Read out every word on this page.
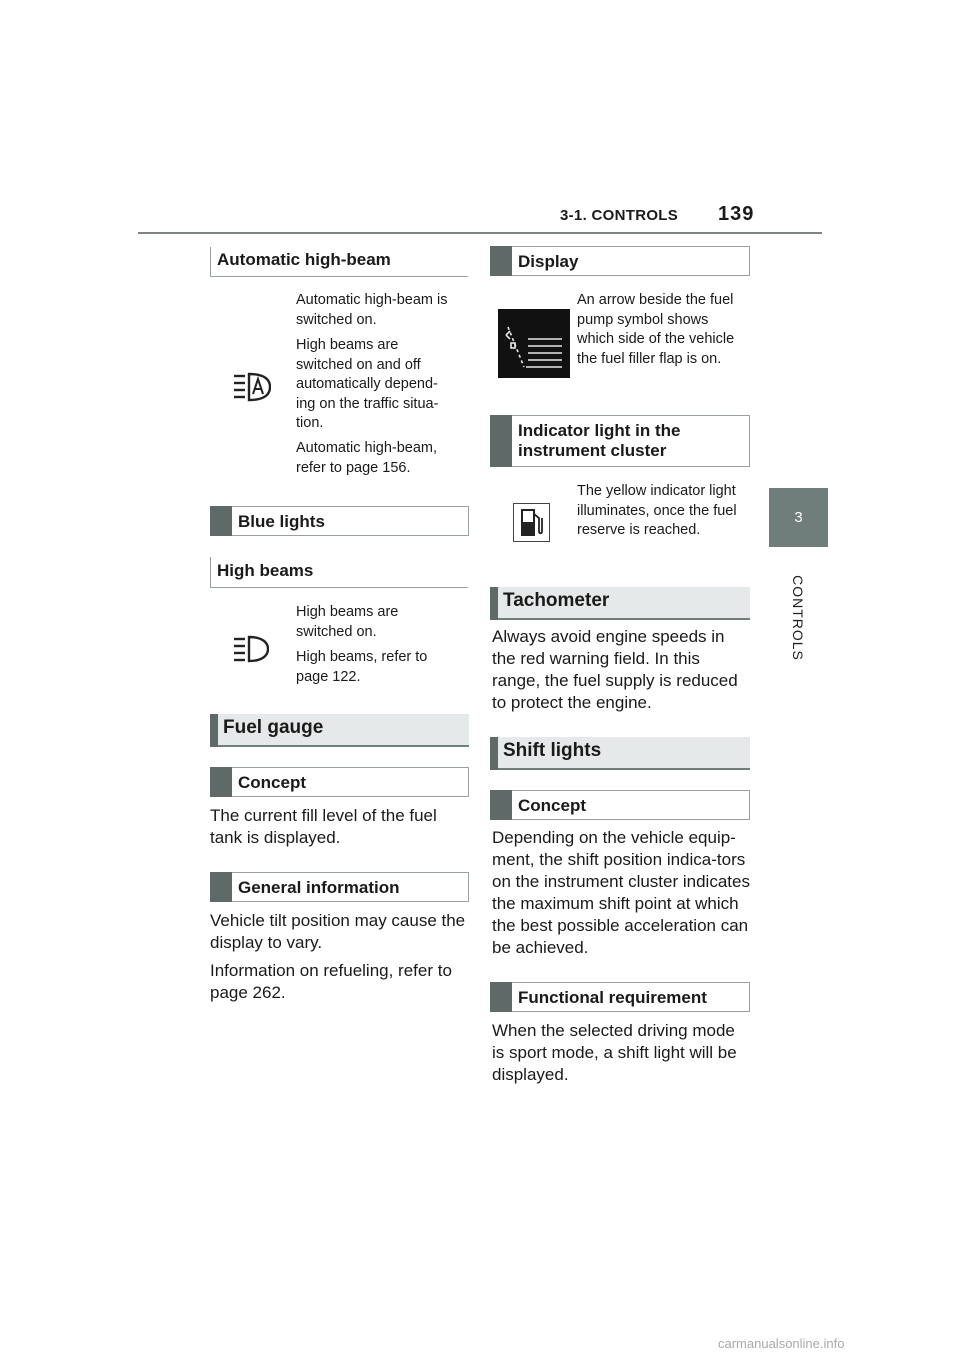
3-1. CONTROLS 139
3
CONTROLS
Automatic high-beam
Automatic high-beam is switched on.
High beams are switched on and off automatically depend-ing on the traffic situa-tion.
Automatic high-beam, refer to page 156.
Blue lights
High beams
High beams are switched on.
High beams, refer to page 122.
Fuel gauge
Concept
The current fill level of the fuel tank is displayed.
General information
Vehicle tilt position may cause the display to vary.
Information on refueling, refer to page 262.
Display
An arrow beside the fuel pump symbol shows which side of the vehicle the fuel filler flap is on.
Indicator light in the instrument cluster
The yellow indicator light illuminates, once the fuel reserve is reached.
Tachometer
Always avoid engine speeds in the red warning field. In this range, the fuel supply is reduced to protect the engine.
Shift lights
Concept
Depending on the vehicle equip-ment, the shift position indica-tors on the instrument cluster indicates the maximum shift point at which the best possible acceleration can be achieved.
Functional requirement
When the selected driving mode is sport mode, a shift light will be displayed.
carmanualsonline.info
